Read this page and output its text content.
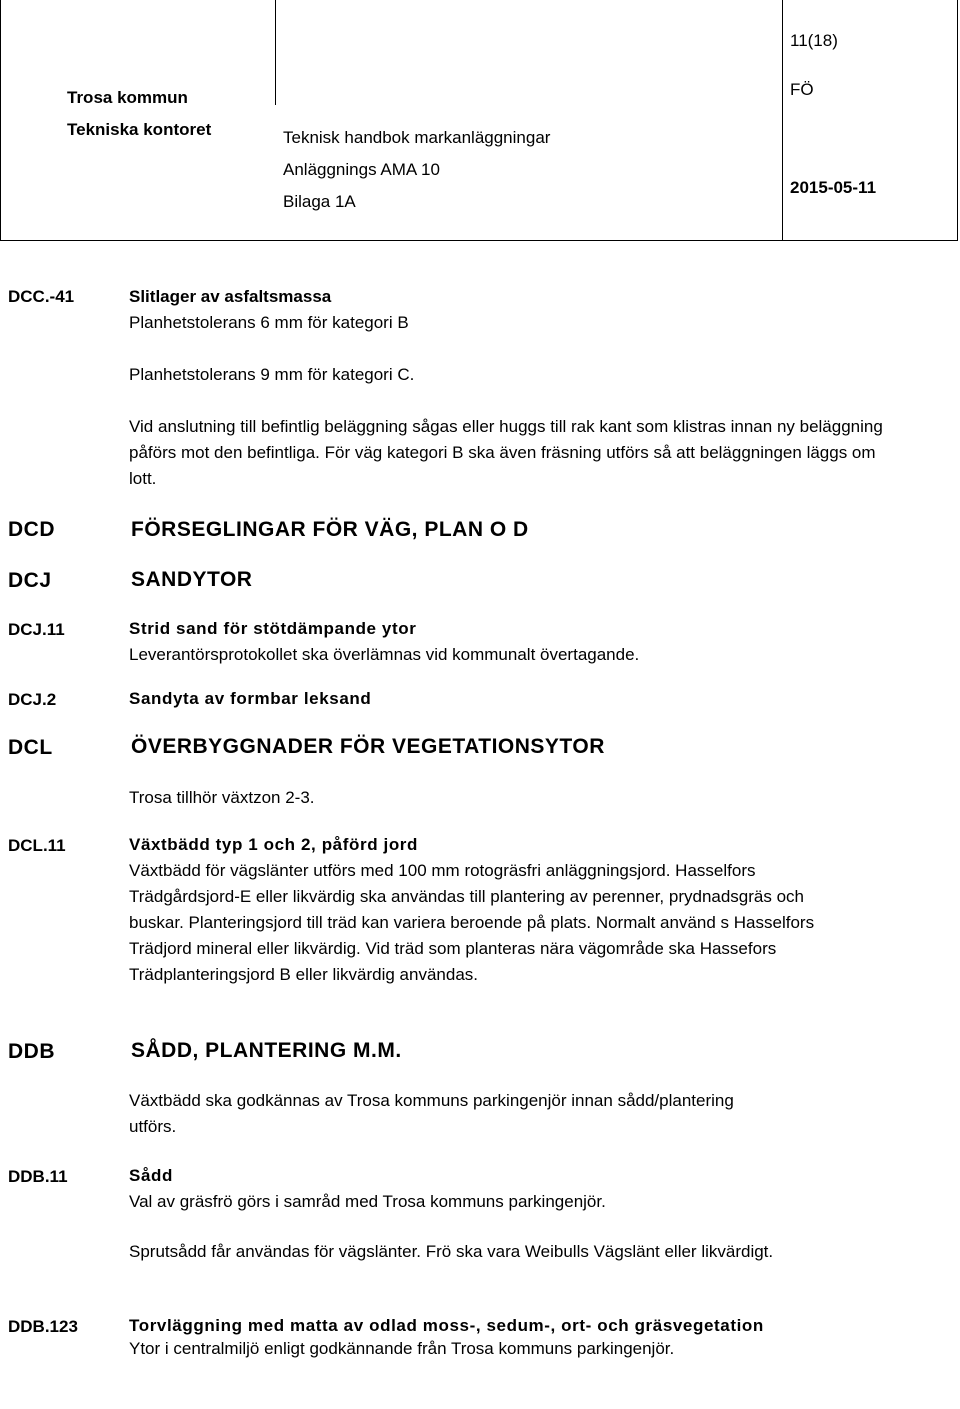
11(18)
Trosa kommun
Tekniska kontoret
FÖ
Teknisk handbok markanläggningar
Anläggnings AMA 10
Bilaga 1A
2015-05-11
DCC.-41	Slitlager av asfaltsmassa
Planhetstolerans 6 mm för kategori B
Planhetstolerans 9 mm för kategori C.
Vid anslutning till befintlig beläggning sågas eller huggs till rak kant som klistras innan ny beläggning påförs mot den befintliga. För väg kategori B ska även fräsning utförs så att beläggningen läggs om lott.
DCD	FÖRSEGLINGAR FÖR VÄG, PLAN O D
DCJ	SANDYTOR
DCJ.11	Strid sand för stötdämpande ytor
Leverantörsprotokollet ska överlämnas vid kommunalt övertagande.
DCJ.2	Sandyta av formbar leksand
DCL	ÖVERBYGGNADER FÖR VEGETATIONSYTOR
Trosa tillhör växtzon 2-3.
DCL.11	Växtbädd typ 1 och 2, påförd jord
Växtbädd för vägslänter utförs med 100 mm rotogräsfri anläggningsjord. Hasselfors Trädgårdsjord-E eller likvärdig ska användas till plantering av perenner, prydnadsgräs och buskar. Planteringsjord till träd kan variera beroende på plats. Normalt använd s Hasselfors Trädjord mineral eller likvärdig. Vid träd som planteras nära vägområde ska Hassefors Trädplanteringsjord B eller likvärdig användas.
DDB	SÅDD, PLANTERING M.M.
Växtbädd ska godkännas av Trosa kommuns parkingenjör innan sådd/plantering utförs.
DDB.11	Sådd
Val av gräsfrö görs i samråd med Trosa kommuns parkingenjör.
Sprutsådd får användas för vägslänter. Frö ska vara Weibulls Vägslänt eller likvärdigt.
DDB.123	Torvläggning med matta av odlad moss-, sedum-, ort- och gräsvegetation
Ytor i centralmiljö enligt godkännande från Trosa kommuns parkingenjör.
